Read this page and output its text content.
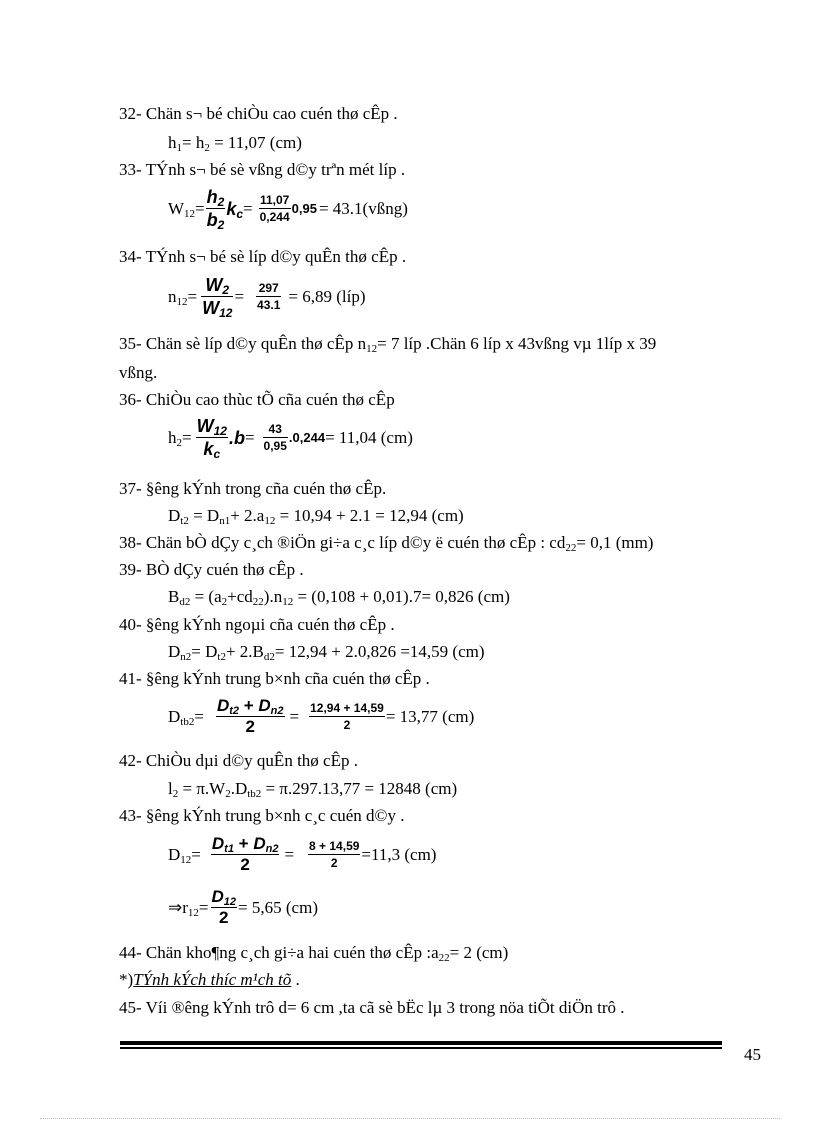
32- Chän s¬ bé chiÒu cao cuén thø cÊp .
$h_1= h_2 = 11,07$ (cm)
33- TÝnh s¬ bé sè vßng d©y trªn mét líp .
$W_{12}= \frac{h_2}{b_2} k_c = \frac{11,07}{0,244} 0,95$ = 43.1(vßng)
34- TÝnh s¬ bé sè líp d©y quÊn thø cÊp .
$n_{12}= \frac{W_2}{W_{12}} = \frac{297}{43.1} = 6,89$ (líp)
35- Chän sè líp d©y quÊn thø cÊp $n_{12}= 7$ líp .Chän 6 líp x 43vßng vµ 1líp x 39
vßng.
36- ChiÒu cao thùc tÕ cña cuén thø cÊp
$h_2= \frac{W_{12}}{k_c} .b = \frac{43}{0,95} .0,244 = 11,04$ (cm)
37- §êng kÝnh trong cña cuén thø cÊp.
$D_{t2} = D_{n1}+ 2.a_{12} = 10,94 + 2.1 = 12,94$ (cm)
38- Chän bÒ dÇy c¸ch ®iÖn gi÷a c¸c líp d©y ë cuén thø cÊp : $cd_{22}= 0,1$ (mm)
39- BÒ dÇy cuén thø cÊp .
$B_{d2} = (a_2+cd_{22}).n_{12} = (0,108 + 0,01).7= 0,826$ (cm)
40- §êng kÝnh ngoµi cña cuén thø cÊp .
$D_{n2}= D_{t2}+ 2.B_{d2}= 12,94 + 2.0,826 =14,59$ (cm)
41- §êng kÝnh trung b×nh cña cuén thø cÊp .
$D_{tb2}= \frac{D_{t2} + D_{n2}}{2} = \frac{12,94 + 14,59}{2} = 13,77$ (cm)
42- ChiÒu dµi d©y quÊn thø cÊp .
$l_2 = \pi.W_2.D_{tb2} = \pi.297.13,77 = 12848$ (cm)
43- §êng kÝnh trung b×nh c¸c cuén d©y .
$D_{12}= \frac{D_{t1} + D_{n2}}{2} = \frac{8 + 14,59}{2} =11,3$ (cm)
$\Rightarrow r_{12}= \frac{D_{12}}{2} = 5,65$ (cm)
44- Chän kho¶ng c¸ch gi÷a hai cuén thø cÊp $:a_{22}= 2$ (cm)
*)TÝnh kÝch thíc m¹ch tõ .
45- Víi ®êng kÝnh trô d= 6 cm ,ta cã sè bËc lµ 3 trong nöa tiÕt diÖn trô .
45
